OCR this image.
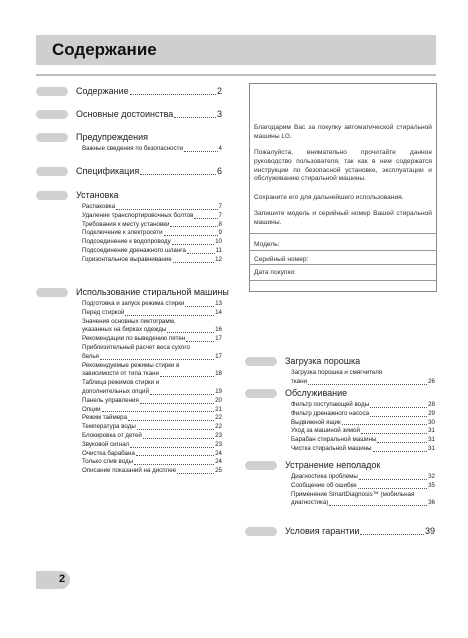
Содержание
Содержание	2
Основные достоинства	3
Предупреждения
Важные сведения по безопасности	4
Спецификация	6
Установка
Распаковка	7
Удаление транспортировочных болтов	7
Требования к месту установки	8
Подключение к электросети	9
Подсоединение к водопроводу	10
Подсоединение дренажного шланга	11
Горизонтальное выравнивание	12
Использование стиральной машины
Подготовка и запуск режима стирки	13
Перед стиркой	14
Значения основных пиктограмм,
указанных на бирках одежды	16
Рекомендации по выведению пятен	17
Приблизительный расчет веса сухого
белья	17
Рекомендуемые режимы стирки в
зависимости от типа ткани	18
Таблица режимов стирки и
дополнительных опций	19
Панель управления	20
Опции	21
Режим таймера	22
Температура воды	22
Блокировка от детей	23
Звуковой сигнал	23
Очистка барабана	24
Только слив воды	24
Описание показаний на дисплее	25
Загрузка порошка
Загрузка порошка и смягчителя
ткани	26
Обслуживание
Фильтр поступающей воды	28
Фильтр дренажного насоса	29
Выдвижной ящик	30
Уход за машиной зимой	31
Барабан стиральной машины	31
Чистка стиральной машины	31
Устранение неполадок
Диагностика проблемы	32
Сообщение об ошибке	35
Применение SmartDiagnosis™ (мобильная
диагностика)	36
Условия гарантии	39
Благодарим Вас за покупку автоматической стиральной машины LG.
Пожалуйста, внимательно прочитайте данное руководство пользователя, так как в нем содержатся инструкции по безопасной установке, эксплуатации и обслуживанию стиральной машины.
Сохраните его для дальнейшего использования.
Запишите модель и серийный номер Вашей стиральной машины.
Модель:
Серийный номер:
Дата покупки:
2
